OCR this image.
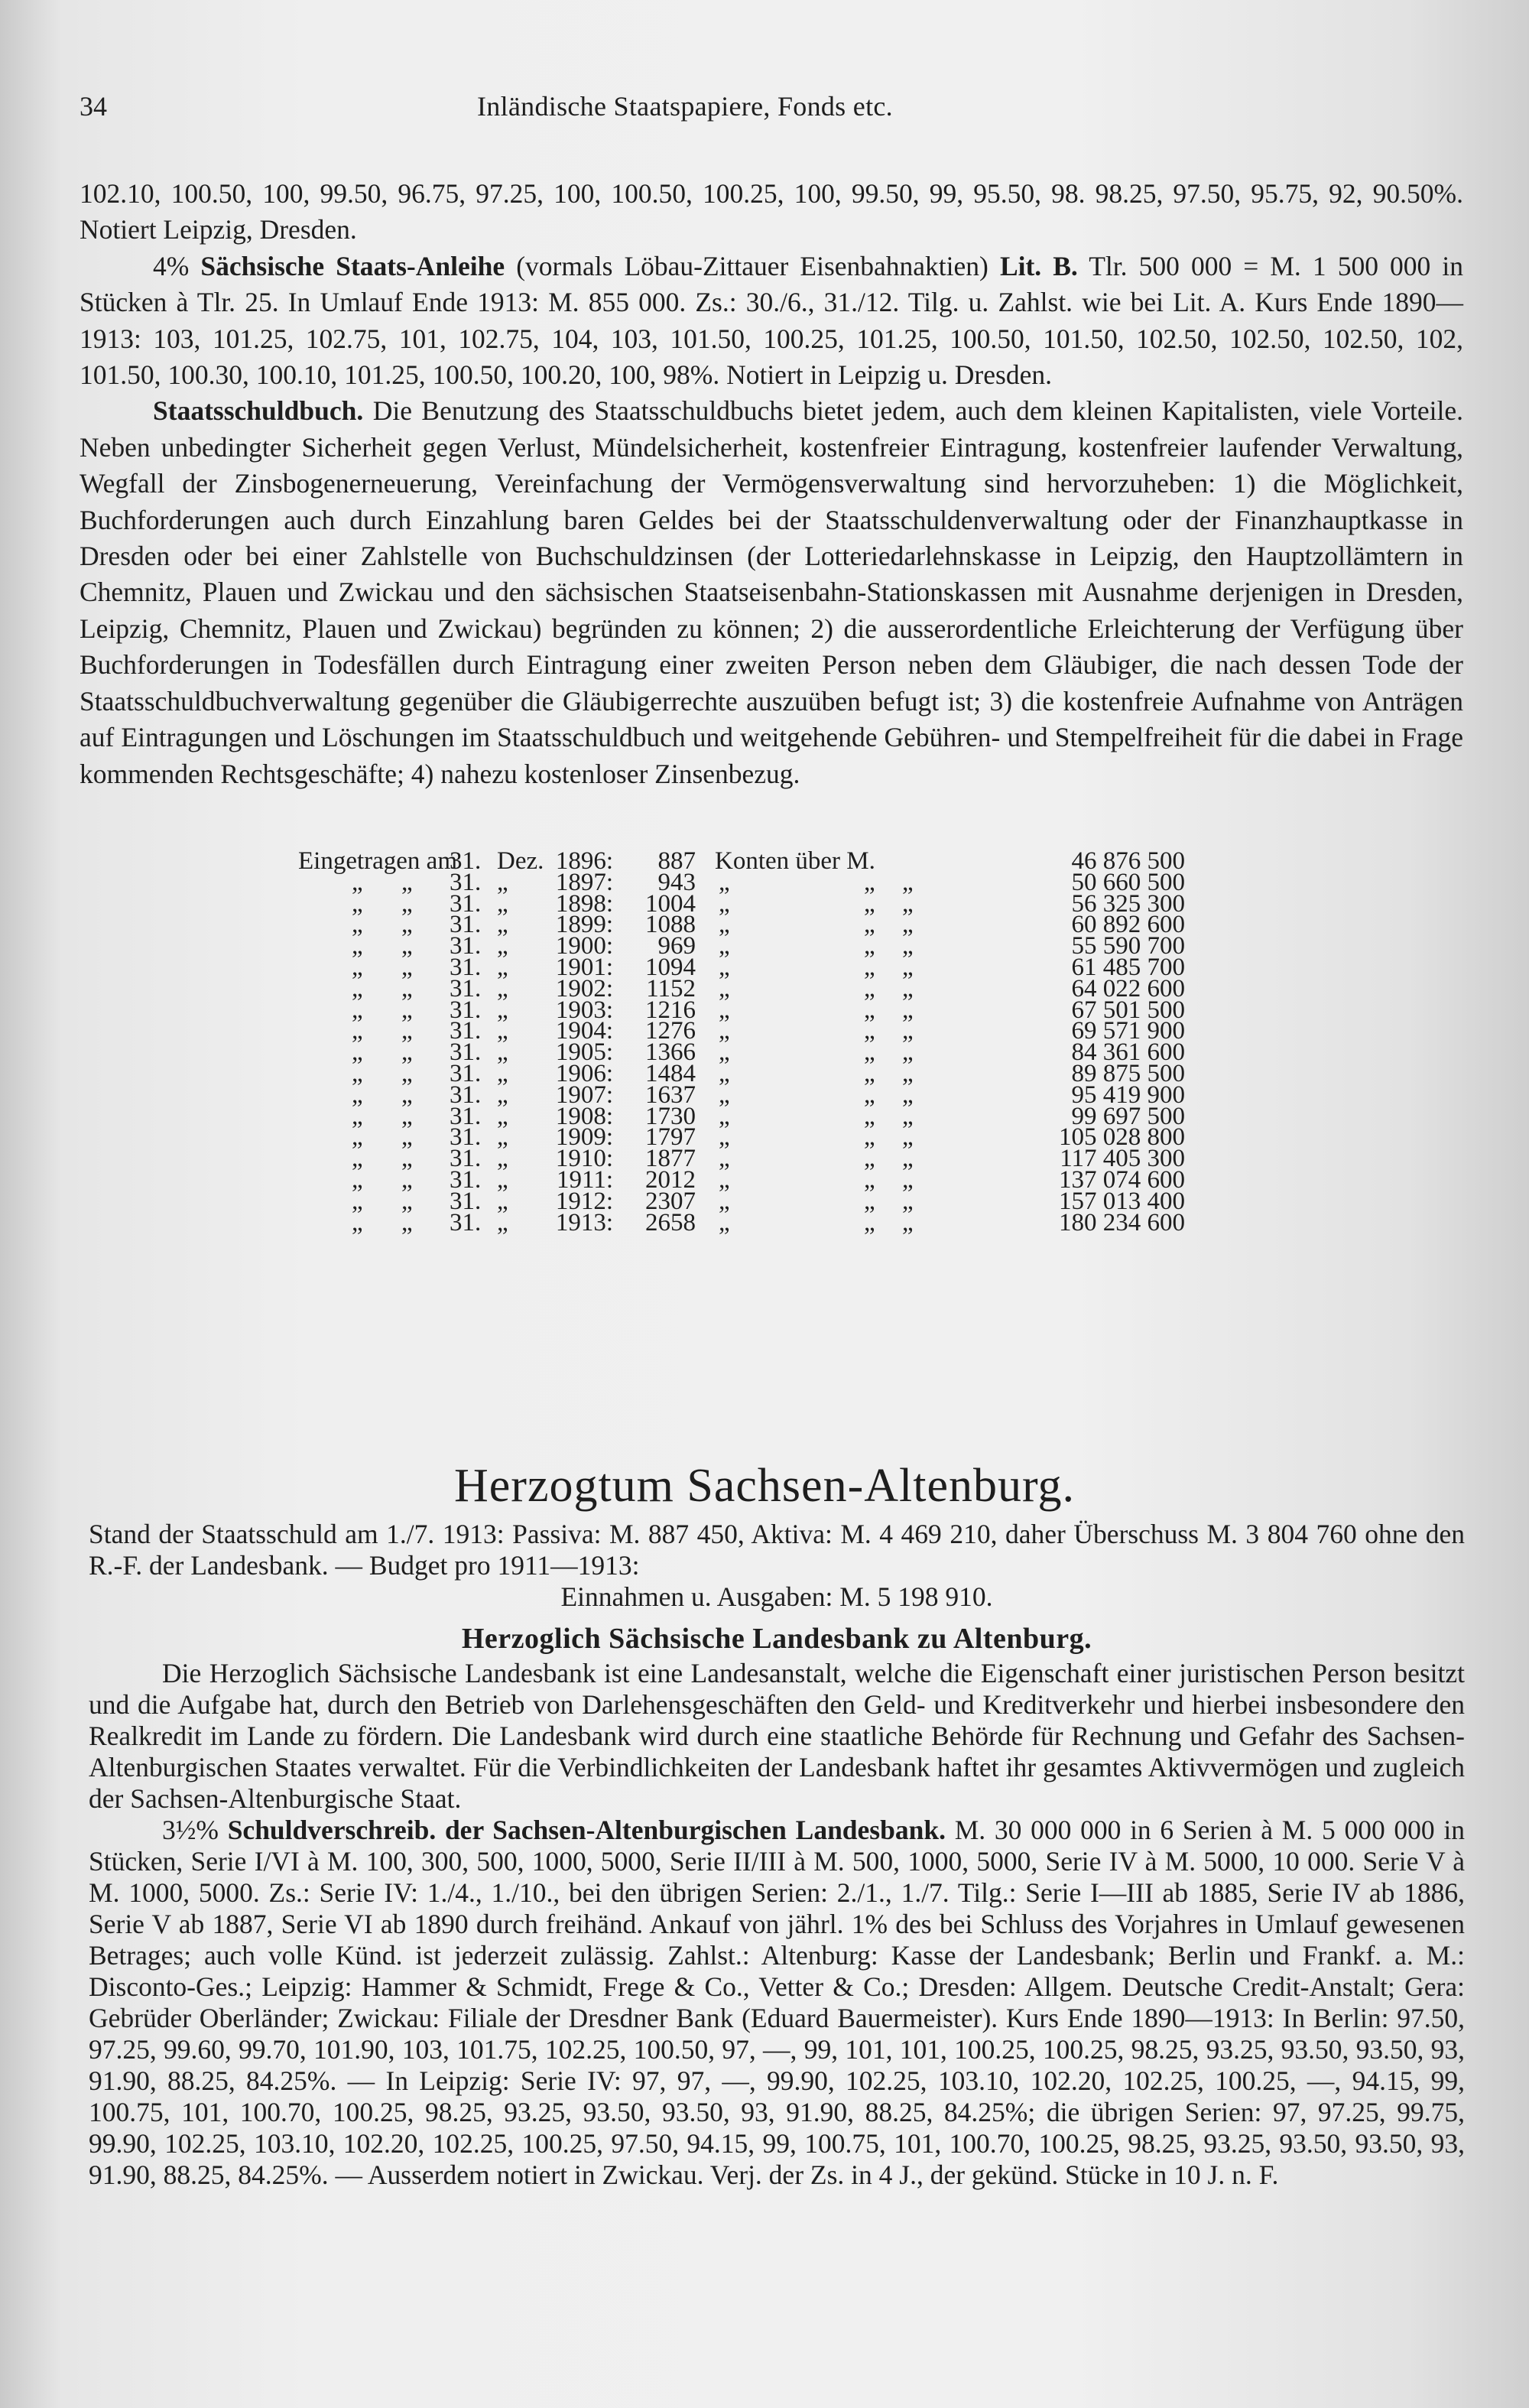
34	Inländische Staatspapiere, Fonds etc.

102.10, 100.50, 100, 99.50, 96.75, 97.25, 100, 100.50, 100.25, 100, 99.50, 99, 95.50, 98. 98.25, 97.50, 95.75, 92, 90.50%. Notiert Leipzig, Dresden.

4% Sächsische Staats-Anleihe (vormals Löbau-Zittauer Eisenbahnaktien) Lit. B. Tlr. 500 000 = M. 1 500 000 in Stücken à Tlr. 25. In Umlauf Ende 1913: M. 855 000. Zs.: 30./6., 31./12. Tilg. u. Zahlst. wie bei Lit. A. Kurs Ende 1890—1913: 103, 101.25, 102.75, 101, 102.75, 104, 103, 101.50, 100.25, 101.25, 100.50, 101.50, 102.50, 102.50, 102.50, 102, 101.50, 100.30, 100.10, 101.25, 100.50, 100.20, 100, 98%. Notiert in Leipzig u. Dresden.

Staatsschuldbuch. Die Benutzung des Staatsschuldbuchs bietet jedem, auch dem kleinen Kapitalisten, viele Vorteile. Neben unbedingter Sicherheit gegen Verlust, Mündelsicherheit, kostenfreier Eintragung, kostenfreier laufender Verwaltung, Wegfall der Zinsbogenerneuerung, Vereinfachung der Vermögensverwaltung sind hervorzuheben: 1) die Möglichkeit, Buchforderungen auch durch Einzahlung baren Geldes bei der Staatsschuldenverwaltung oder der Finanzhauptkasse in Dresden oder bei einer Zahlstelle von Buchschuldzinsen (der Lotteriedarlehnskasse in Leipzig, den Hauptzollämtern in Chemnitz, Plauen und Zwickau und den sächsischen Staatseisenbahn-Stationskassen mit Ausnahme derjenigen in Dresden, Leipzig, Chemnitz, Plauen und Zwickau) begründen zu können; 2) die ausserordentliche Erleichterung der Verfügung über Buchforderungen in Todesfällen durch Eintragung einer zweiten Person neben dem Gläubiger, die nach dessen Tode der Staatsschuldbuchverwaltung gegenüber die Gläubigerrechte auszuüben befugt ist; 3) die kostenfreie Aufnahme von Anträgen auf Eintragungen und Löschungen im Staatsschuldbuch und weitgehende Gebühren- und Stempelfreiheit für die dabei in Frage kommenden Rechtsgeschäfte; 4) nahezu kostenloser Zinsenbezug.

Eingetragen am
31. Dez. 1896:	887 Konten über M.	46 876 500
„ „ 31. „	1897:	943 „	„ „	50 660 500
„ „ 31. „	1898:	1004 „	„ „	56 325 300
„ „ 31. „	1899:	1088 „	„ „	60 892 600
„ „ 31. „	1900:	969 „	„ „	55 590 700
„ „ 31. „	1901:	1094 „	„ „	61 485 700
„ „ 31. „	1902:	1152 „	„ „	64 022 600
„ „ 31. „	1903:	1216 „	„ „	67 501 500
„ „ 31. „	1904:	1276 „	„ „	69 571 900
„ „ 31. „	1905:	1366 „	„ „	84 361 600
„ „ 31. „	1906:	1484 „	„ „	89 875 500
„ „ 31. „	1907:	1637 „	„ „	95 419 900
„ „ 31. „	1908:	1730 „	„ „	99 697 500
„ „ 31. „	1909:	1797 „	„ „	105 028 800
„ „ 31. „	1910:	1877 „	„ „	117 405 300
„ „ 31. „	1911:	2012 „	„ „	137 074 600
„ „ 31. „	1912:	2307 „	„ „	157 013 400
„ „ 31. „	1913:	2658 „	„ „	180 234 600
Herzogtum Sachsen-Altenburg.

Stand der Staatsschuld am 1./7. 1913: Passiva: M. 887 450, Aktiva: M. 4 469 210, daher Überschuss M. 3 804 760 ohne den R.-F. der Landesbank. — Budget pro 1911—1913:

Einnahmen u. Ausgaben: M. 5 198 910.

Herzoglich Sächsische Landesbank zu Altenburg.

Die Herzoglich Sächsische Landesbank ist eine Landesanstalt, welche die Eigenschaft einer juristischen Person besitzt und die Aufgabe hat, durch den Betrieb von Darlehensgeschäften den Geld- und Kreditverkehr und hierbei insbesondere den Realkredit im Lande zu fördern. Die Landesbank wird durch eine staatliche Behörde für Rechnung und Gefahr des Sachsen-Altenburgischen Staates verwaltet. Für die Verbindlichkeiten der Landesbank haftet ihr gesamtes Aktivvermögen und zugleich der Sachsen-Altenburgische Staat.

3½% Schuldverschreib. der Sachsen-Altenburgischen Landesbank. M. 30 000 000 in 6 Serien à M. 5 000 000 in Stücken, Serie I/VI à M. 100, 300, 500, 1000, 5000, Serie II/III à M. 500, 1000, 5000, Serie IV à M. 5000, 10 000. Serie V à M. 1000, 5000. Zs.: Serie IV: 1./4., 1./10., bei den übrigen Serien: 2./1., 1./7. Tilg.: Serie I—III ab 1885, Serie IV ab 1886, Serie V ab 1887, Serie VI ab 1890 durch freihänd. Ankauf von jährl. 1% des bei Schluss des Vorjahres in Umlauf gewesenen Betrages; auch volle Künd. ist jederzeit zulässig. Zahlst.: Altenburg: Kasse der Landesbank; Berlin und Frankf. a. M.: Disconto-Ges.; Leipzig: Hammer & Schmidt, Frege & Co., Vetter & Co.; Dresden: Allgem. Deutsche Credit-Anstalt; Gera: Gebrüder Oberländer; Zwickau: Filiale der Dresdner Bank (Eduard Bauermeister). Kurs Ende 1890—1913: In Berlin: 97.50, 97.25, 99.60, 99.70, 101.90, 103, 101.75, 102.25, 100.50, 97, —, 99, 101, 101, 100.25, 100.25, 98.25, 93.25, 93.50, 93.50, 93, 91.90, 88.25, 84.25%. — In Leipzig: Serie IV: 97, 97, —, 99.90, 102.25, 103.10, 102.20, 102.25, 100.25, —, 94.15, 99, 100.75, 101, 100.70, 100.25, 98.25, 93.25, 93.50, 93.50, 93, 91.90, 88.25, 84.25%; die übrigen Serien: 97, 97.25, 99.75, 99.90, 102.25, 103.10, 102.20, 102.25, 100.25, 97.50, 94.15, 99, 100.75, 101, 100.70, 100.25, 98.25, 93.25, 93.50, 93.50, 93, 91.90, 88.25, 84.25%. — Ausserdem notiert in Zwickau. Verj. der Zs. in 4 J., der gekünd. Stücke in 10 J. n. F.
